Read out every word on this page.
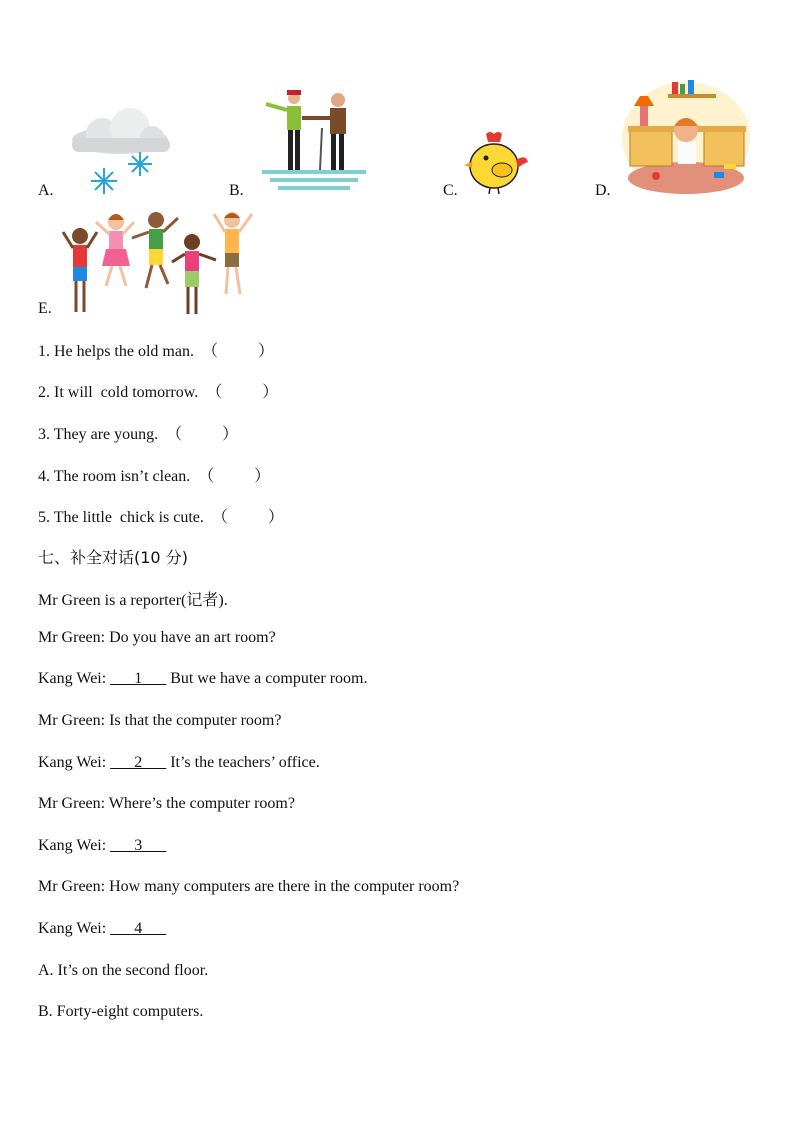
A.	B.	C.	D.
E.
1. He helps the old man. （          ）
2. It will  cold tomorrow. （          ）
3. They are young. （          ）
4. The room isn’t clean. （          ）
5. The little  chick is cute. （          ）
七、补全对话(10 分)
Mr Green is a reporter(记者).
Mr Green: Do you have an art room?
Kang Wei: ___1___ But we have a computer room.
Mr Green: Is that the computer room?
Kang Wei: ___2___ It’s the teachers’ office.
Mr Green: Where’s the computer room?
Kang Wei: ___3___
Mr Green: How many computers are there in the computer room?
Kang Wei: ___4___
A. It’s on the second floor.
B. Forty-eight computers.
